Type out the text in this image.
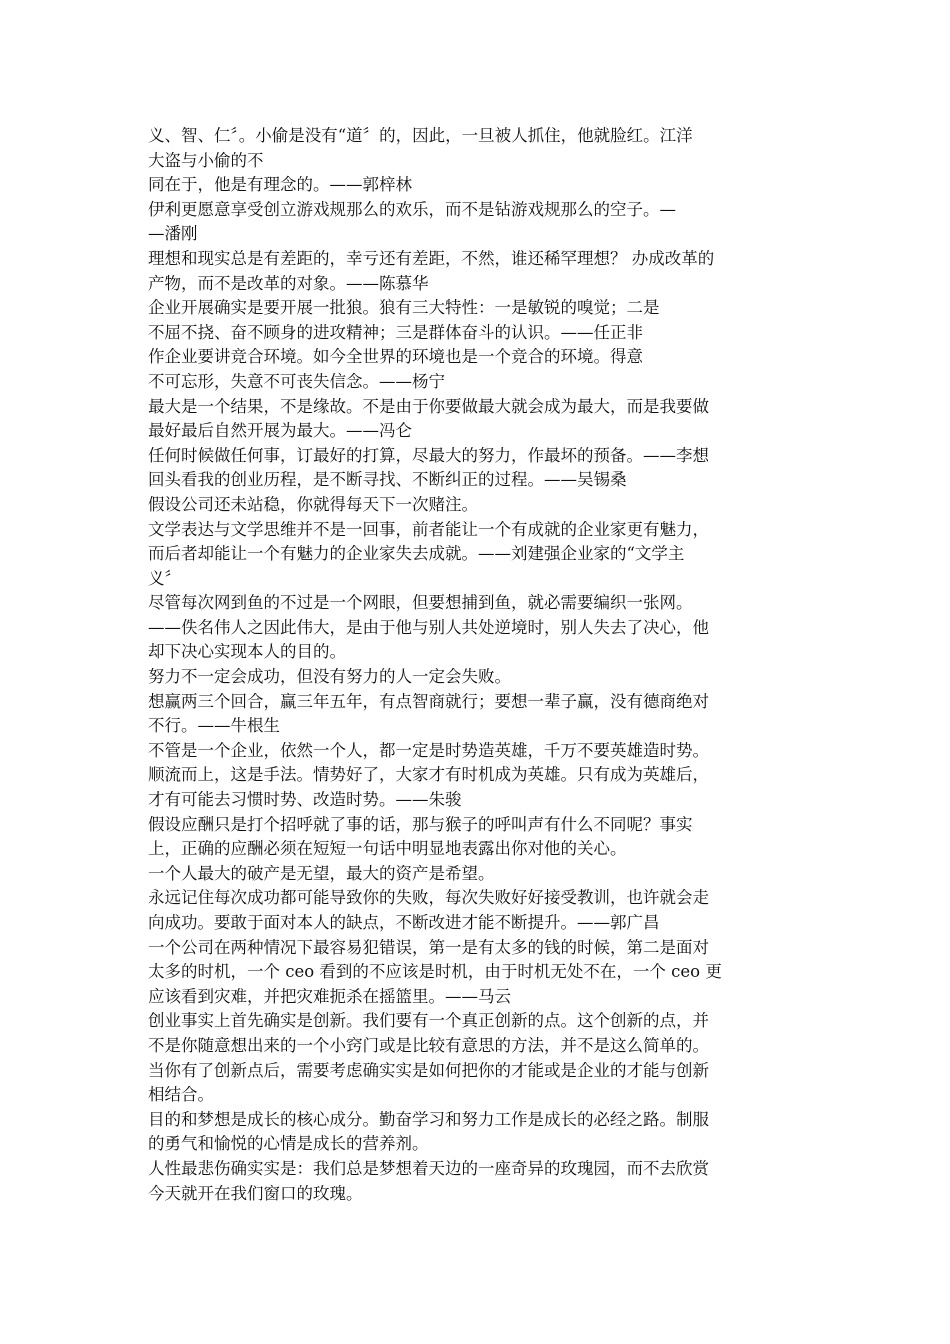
义、智、仁〞。小偷是没有“道〞的，因此，一旦被人抓住，他就脸红。江洋

大盗与小偷的不

同在于，他是有理念的。——郭梓林

伊利更愿意享受创立游戏规那么的欢乐，而不是钻游戏规那么的空子。—

—潘刚

理想和现实总是有差距的，幸亏还有差距，不然，谁还稀罕理想？ 办成改革的

产物，而不是改革的对象。——陈慕华

企业开展确实是要开展一批狼。狼有三大特性：一是敏锐的嗅觉；二是

不屈不挠、奋不顾身的进攻精神；三是群体奋斗的认识。——任正非

作企业要讲竞合环境。如今全世界的环境也是一个竞合的环境。得意

不可忘形，失意不可丧失信念。——杨宁

最大是一个结果，不是缘故。不是由于你要做最大就会成为最大，而是我要做

最好最后自然开展为最大。——冯仑

任何时候做任何事，订最好的打算，尽最大的努力，作最坏的预备。——李想

回头看我的创业历程，是不断寻找、不断纠正的过程。——吴锡桑

假设公司还未站稳，你就得每天下一次赌注。

文学表达与文学思维并不是一回事，前者能让一个有成就的企业家更有魅力，

而后者却能让一个有魅力的企业家失去成就。——刘建强企业家的“文学主

义〞

尽管每次网到鱼的不过是一个网眼，但要想捕到鱼，就必需要编织一张网。

——佚名伟人之因此伟大，是由于他与别人共处逆境时，别人失去了决心，他

却下决心实现本人的目的。

努力不一定会成功，但没有努力的人一定会失败。

想赢两三个回合，赢三年五年，有点智商就行；要想一辈子赢，没有德商绝对

不行。——牛根生

不管是一个企业，依然一个人，都一定是时势造英雄，千万不要英雄造时势。

顺流而上，这是手法。情势好了，大家才有时机成为英雄。只有成为英雄后，

才有可能去习惯时势、改造时势。——朱骏

假设应酬只是打个招呼就了事的话，那与猴子的呼叫声有什么不同呢？事实

上，正确的应酬必须在短短一句话中明显地表露出你对他的关心。

一个人最大的破产是无望，最大的资产是希望。

永远记住每次成功都可能导致你的失败，每次失败好好接受教训，也许就会走

向成功。要敢于面对本人的缺点，不断改进才能不断提升。——郭广昌

一个公司在两种情况下最容易犯错误，第一是有太多的钱的时候，第二是面对

太多的时机，一个 ceo 看到的不应该是时机，由于时机无处不在，一个 ceo 更

应该看到灾难，并把灾难扼杀在摇篮里。——马云

创业事实上首先确实是创新。我们要有一个真正创新的点。这个创新的点，并

不是你随意想出来的一个小窍门或是比较有意思的方法，并不是这么简单的。

当你有了创新点后，需要考虑确实实是如何把你的才能或是企业的才能与创新

相结合。

目的和梦想是成长的核心成分。勤奋学习和努力工作是成长的必经之路。制服

的勇气和愉悦的心情是成长的营养剂。

人性最悲伤确实实是：我们总是梦想着天边的一座奇异的玫瑰园，而不去欣赏

今天就开在我们窗口的玫瑰。
